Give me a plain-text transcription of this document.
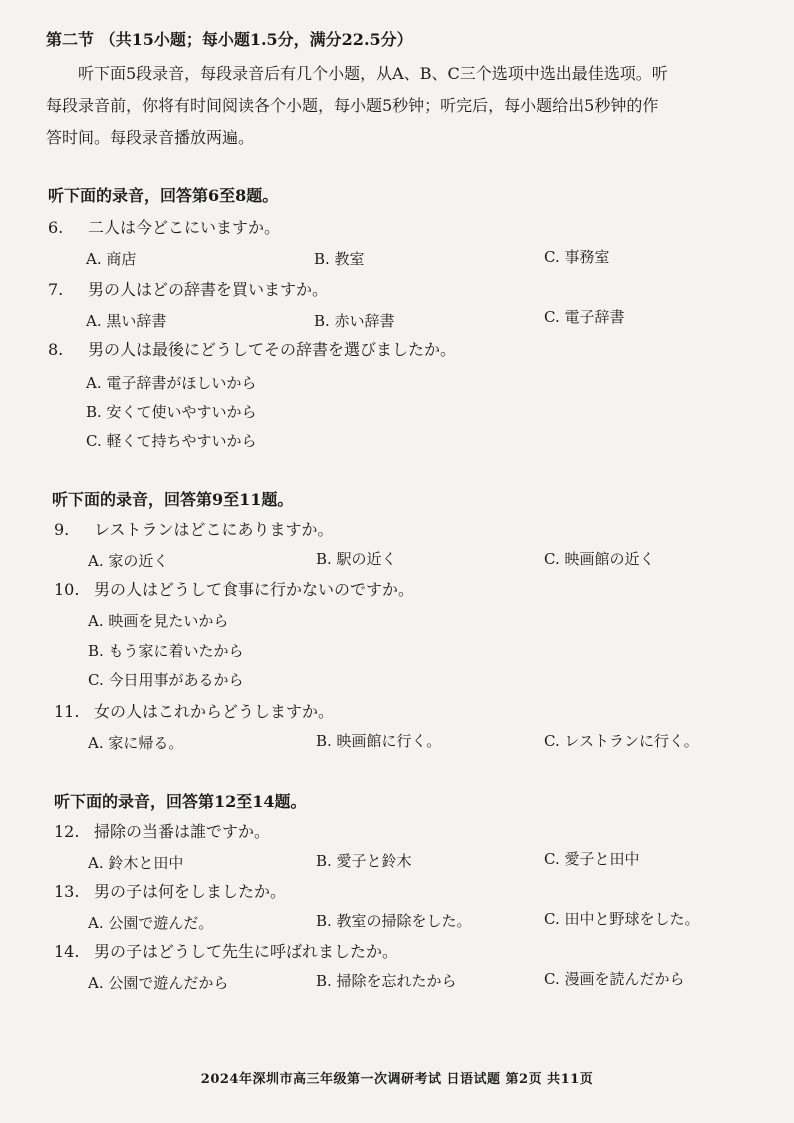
第二节 （共15小题；每小题1.5分，满分22.5分）
听下面5段录音，每段录音后有几个小题，从A、B、C三个选项中选出最佳选项。听
每段录音前，你将有时间阅读各个小题，每小题5秒钟；听完后，每小题给出5秒钟的作
答时间。每段录音播放两遍。
听下面的录音，回答第6至8题。
6. 二人は今どこにいますか。
A. 商店	B. 教室	C. 事務室
7. 男の人はどの辞書を買いますか。
A. 黒い辞書	B. 赤い辞書	C. 電子辞書
8. 男の人は最後にどうしてその辞書を選びましたか。
A. 電子辞書がほしいから
B. 安くて使いやすいから
C. 軽くて持ちやすいから
听下面的录音，回答第9至11题。
9. レストランはどこにありますか。
A. 家の近く	B. 駅の近く	C. 映画館の近く
10. 男の人はどうして食事に行かないのですか。
A. 映画を見たいから
B. もう家に着いたから
C. 今日用事があるから
11. 女の人はこれからどうしますか。
A. 家に帰る。	B. 映画館に行く。	C. レストランに行く。
听下面的录音，回答第12至14题。
12. 掃除の当番は誰ですか。
A. 鈴木と田中	B. 愛子と鈴木	C. 愛子と田中
13. 男の子は何をしましたか。
A. 公園で遊んだ。	B. 教室の掃除をした。	C. 田中と野球をした。
14. 男の子はどうして先生に呼ばれましたか。
A. 公園で遊んだから	B. 掃除を忘れたから	C. 漫画を読んだから
2024年深圳市高三年级第一次调研考试 日语试题 第2页 共11页
